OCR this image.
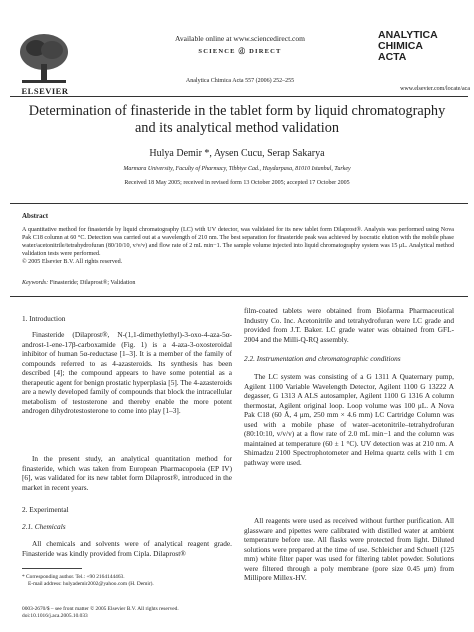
ELSEVIER
Available online at www.sciencedirect.com
SCIENCE ⓓ DIRECT
Analytica Chimica Acta 557 (2006) 252–255
ANALYTICA
CHIMICA
ACTA
www.elsevier.com/locate/aca
Determination of finasteride in the tablet form by liquid chromatography
and its analytical method validation
Hulya Demir *, Aysen Cucu, Serap Sakarya
Marmara University, Faculty of Pharmacy, Tibbiye Cad., Haydarpasa, 81010 Istanbul, Turkey
Received 18 May 2005; received in revised form 13 October 2005; accepted 17 October 2005
Abstract
A quantitative method for finasteride by liquid chromatography (LC) with UV detector, was validated for its new tablet form Dilaprost®. Analysis was performed using Nova Pak C18 column at 60 °C. Detection was carried out at a wavelength of 210 nm. The best separation for finasteride peak was achieved by isocratic elution with the mobile phase water/acetonitrile/tetrahydrofuran (80/10/10, v/v/v) and flow rate of 2 mL min−1. The sample volume injected into liquid chromatography system was 15 μL. Analytical method validation tests were performed.
© 2005 Elsevier B.V. All rights reserved.
Keywords: Finasteride; Dilaprost®; Validation
1. Introduction
Finasteride (Dilaprost®, N-(1,1-dimethylethyl)-3-oxo-4-aza-5α-androst-1-ene-17β-carboxamide (Fig. 1) is a 4-aza-3-oxosteroidal inhibitor of human 5α-reductase [1–3]. It is a member of the family of compounds referred to as 4-azasteroids. Its synthesis has been described [4]; the compound appears to have some potential as a therapeutic agent for benign prostatic hyperplasia [5]. The 4-azasteroids are a newly developed family of compounds that block the intracellular metabolism of testosterone and thereby enable the more potent androgen dihydrotestosterone to come into play [1–3].
In the present study, an analytical quantitation method for finasteride, which was taken from European Pharmacopoeia (EP IV) [6], was validated for its new tablet form Dilaprost®, introduced in the market in recent years.
2. Experimental
2.1. Chemicals
All chemicals and solvents were of analytical reagent grade. Finasteride was kindly provided from Cipla. Dilaprost®
* Corresponding author. Tel.: +90 2164144463.
E-mail address: hulyademir2002@yahoo.com (H. Demir).
0003-2670/$ – see front matter © 2005 Elsevier B.V. All rights reserved.
doi:10.1016/j.aca.2005.10.033
film-coated tablets were obtained from Biofarma Pharmaceutical Industry Co. Inc. Acetonitrile and tetrahydrofuran were LC grade and provided from J.T. Baker. LC grade water was obtained from GFL-2004 and the Milli-Q-RQ assembly.
2.2. Instrumentation and chromatographic conditions
The LC system was consisting of a G 1311 A Quaternary pump, Agilent 1100 Variable Wavelength Detector, Agilent 1100 G 13222 A degasser, G 1313 A ALS autosampler, Agilent 1100 G 1316 A column thermostat, Agilent original loop. Loop volume was 100 μL. A Nova Pak C18 (60 Å, 4 μm, 250 mm × 4.6 mm) LC Cartridge Column was used with a mobile phase of water–acetonitrile–tetrahydrofuran (80:10:10, v/v/v) at a flow rate of 2.0 mL min−1 and the column was maintained at temperature (60 ± 1 °C). UV detection was at 210 nm. A Shimadzu 2100 Spectrophotometer and Helma quartz cells with 1 cm pathway were used.
All reagents were used as received without further purification. All glassware and pipettes were calibrated with distilled water at ambient temperature before use. All flasks were protected from light. Diluted solutions were prepared at the time of use. Schleicher and Schuell (125 mm) white filter paper was used for filtering tablet powder. Solutions were filtered through a poly membrane (pore size 0.45 μm) from Millipore Millex-HV.
